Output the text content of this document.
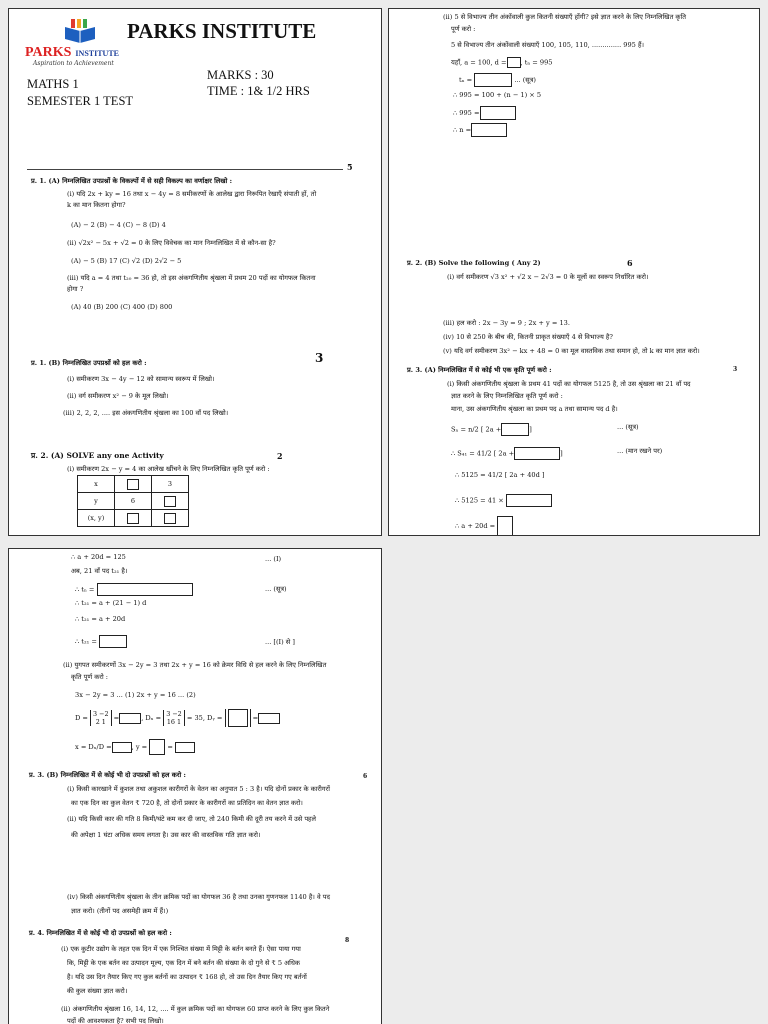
PARKS INSTITUTE
PARKS INSTITUTE
Aspiration to Achievement
MATHS 1
SEMESTER 1 TEST
MARKS : 30
TIME : 1& 1/2 HRS
5
प्र. 1. (A) निम्नलिखित उपप्रश्नों के विकल्पों में से सही विकल्प का वर्णाक्षर लिखो :
(i) यदि 2x + ky = 16 तथा x − 4y = 8 समीकरणों के आलेख द्वारा निरूपित रेखाएँ संपाती हों, तो
k का मान कितना होगा?
(A) − 2 (B) − 4 (C) − 8 (D) 4
(ii) √2x² − 5x + √2 = 0 के लिए विवेचक का मान निम्नलिखित में से कौन-सा है?
(A) − 5 (B) 17 (C) √2 (D) 2√2 − 5
(iii) यदि a = 4 तथा t₂₀ = 36 हो, तो इस अंकगणितीय श्रृंखला में प्रथम 20 पदों का योगफल कितना
होगा ?
(A) 40 (B) 200 (C) 400 (D) 800
प्र. 1. (B) निम्नलिखित उपप्रश्नों को हल करो :	3
(i) समीकरण 3x − 4y − 12 को सामान्य स्वरूप में लिखो।
(ii) वर्ग समीकरण x² − 9 के मूल लिखो।
(iii) 2, 2, 2, .... इस अंकगणितीय श्रृंखला का 100 वाँ पद लिखो।
प्र. 2. (A) SOLVE any one Activity	2
(i) समीकरण 2x − y = 4 का आलेख खींचने के लिए निम्नलिखित कृति पूर्ण करो :
x		3
y	6	
(x, y)		
(ii) 5 से विभाज्य तीन अंकोंवाली कुल कितनी संख्याएँ होंगी? इसे ज्ञात करने के लिए निम्नलिखित कृति
पूर्ण करो :
5 से विभाज्य तीन अंकोंवाली संख्याएँ 100, 105, 110, .............. 995 हैं।
यहाँ, a = 100, d = , tₙ = 995
tₙ =	... (सूत्र)
∴ 995 = 100 + (n − 1) × 5
∴ 995 =
∴ n =
प्र. 2. (B) Solve the following ( Any 2)	6
(i) वर्ग समीकरण √3 x² + √2 x − 2√3 = 0 के मूलों का स्वरूप निर्धारित करो।
(iii) हल करो : 2x − 3y = 9 ; 2x + y = 13.
(iv) 10 से 250 के बीच की, कितनी प्राकृत संख्याएँ 4 से विभाज्य है?
(v) यदि वर्ग समीकरण 3x² − kx + 48 = 0 का मूल वास्तविक तथा समान हो, तो k का मान ज्ञात करो।
प्र. 3. (A) निम्नलिखित में से कोई भी एक कृति पूर्ण करो :	3
(i) किसी अंकगणितीय श्रृंखला के प्रथम 41 पदों का योगफल 5125 है, तो उस श्रृंखला का 21 वाँ पद
ज्ञात करने के लिए निम्नलिखित कृति पूर्ण करो :
माना, उस अंकगणितीय श्रृंखला का प्रथम पद a तथा सामान्य पद d है।
Sₙ = n/2 [ 2a +	]	... (सूत्र)
∴ S₄₁ = 41/2 [ 2a +	]	... (मान रखने पर)
∴ 5125 = 41/2 [ 2a + 40d ]
∴ 5125 = 41 ×
∴ a + 20d =
∴ a + 20d = 125	... (I)
अब, 21 वाँ पद t₂₁ है।
∴ tₙ =	... (सूत्र)
∴ t₂₁ = a + (21 − 1) d
∴ t₂₁ = a + 20d
∴ t₂₁ =	... [(I) से ]
(ii) युगपत समीकरणों 3x − 2y = 3 तथा 2x + y = 16 को क्रेमर विधि से हल करने के लिए निम्नलिखित
कृति पूर्ण करो :
3x − 2y = 3 ... (1) 2x + y = 16 ... (2)
D = 3 −2
2 1 =	, Dₓ = 3 −2
16 1 = 35, Dᵧ =	=
x = Dₓ/D =	, y =	=
प्र. 3. (B) निम्नलिखित में से कोई भी दो उपप्रश्नों को हल करो :	6
(i) किसी कारखाने में कुशल तथा अकुशल कारीगरों के वेतन का अनुपात 5 : 3 है। यदि दोनों प्रकार के कारीगरों
का एक दिन का कुल वेतन ₹ 720 है, तो दोनों प्रकार के कारीगरों का प्रतिदिन का वेतन ज्ञात करो।
(ii) यदि किसी कार की गति 8 किमी/घंटे कम कर दी जाए, तो 240 किमी की दूरी तय करने में उसे पहले
की अपेक्षा 1 घंटा अधिक समय लगता है। उस कार की वास्तविक गति ज्ञात करो।
(iv) किसी अंकगणितीय श्रृंखला के तीन क्रमिक पदों का योगफल 36 है तथा उनका गुणनफल 1140 है। वे पद
ज्ञात करो। (तीनों पद असमेही क्रम में हैं।)
प्र. 4. निम्नलिखित में से कोई भी दो उपप्रश्नों को हल करो :
8
(i) एक कुटीर उद्योग के तहत एक दिन में एक निश्चित संख्या में मिट्टी के बर्तन बनते हैं। ऐसा पाया गया
कि, मिट्टी के एक बर्तन का उत्पादन मूल्य, एक दिन में बने बर्तन की संख्या के दो गुने से ₹ 5 अधिक
है। यदि उस दिन तैयार किए गए कुल बर्तनों का उत्पादन ₹ 168 हो, तो उस दिन तैयार किए गए बर्तनों
की कुल संख्या ज्ञात करो।
(ii) अंकगणितीय श्रृंखला 16, 14, 12, .... में कुल क्रमिक पदों का योगफल 60 प्राप्त करने के लिए कुल कितने
पदों की आवश्यकता है? सभी पद लिखो।
